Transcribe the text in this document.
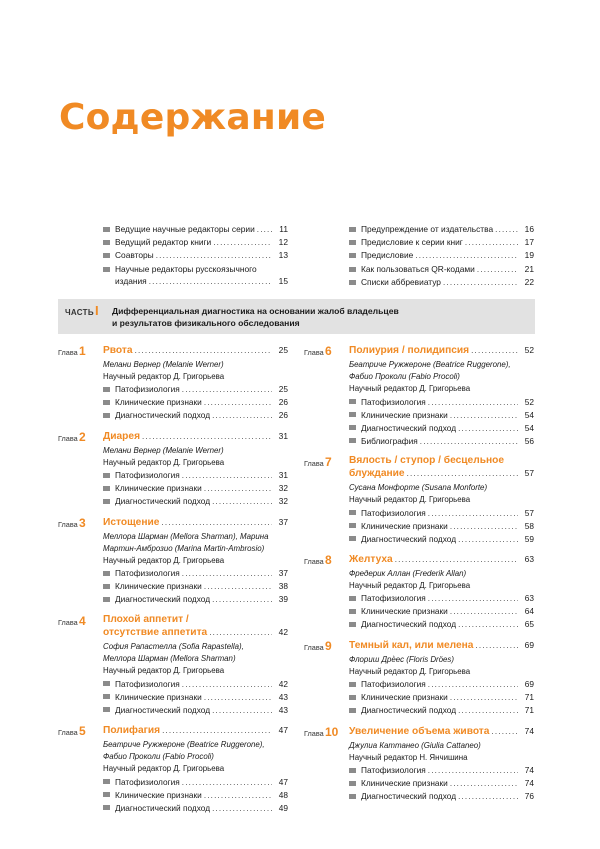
Содержание
Ведущие научные редакторы серии .....	11
Ведущий редактор книги .....	12
Соавторы .....	13
Научные редакторы русскоязычного
издания .....	15
Предупреждение от издательства .....	16
Предисловие к серии книг .....	17
Предисловие .....	19
Как пользоваться QR-кодами .....	21
Списки аббревиатур .....	22
ЧАСТЬ I Дифференциальная диагностика на основании жалоб владельцев
и результатов физикального обследования
Глава 1 Рвота .....	25
Мелани Вернер (Melanie Werner)
Научный редактор Д. Григорьева
Патофизиология .....	25
Клинические признаки .....	26
Диагностический подход .....	26
Глава 2 Диарея .....	31
Мелани Вернер (Melanie Werner)
Научный редактор Д. Григорьева
Патофизиология .....	31
Клинические признаки .....	32
Диагностический подход .....	32
Глава 3 Истощение .....	37
Меллора Шарман (Mellora Sharman), Марина
Мартин-Амброзио (Marina Martin-Ambrosio)
Научный редактор Д. Григорьева
Патофизиология .....	37
Клинические признаки .....	38
Диагностический подход .....	39
Глава 4 Плохой аппетит /
отсутствие аппетита .....	42
София Рапастелла (Sofia Rapastella),
Меллора Шарман (Mellora Sharman)
Научный редактор Д. Григорьева
Патофизиология .....	42
Клинические признаки .....	43
Диагностический подход .....	43
Глава 5 Полифагия .....	47
Беатриче Ружжероне (Beatrice Ruggerone),
Фабио Проколи (Fabio Procoli)
Научный редактор Д. Григорьева
Патофизиология .....	47
Клинические признаки .....	48
Диагностический подход .....	49
Глава 6 Полиурия / полидипсия .....	52
Беатриче Ружжероне (Beatrice Ruggerone),
Фабио Проколи (Fabio Procoli)
Научный редактор Д. Григорьева
Патофизиология .....	52
Клинические признаки .....	54
Диагностический подход .....	54
Библиография .....	56
Глава 7 Вялость / ступор / бесцельное
блуждание .....	57
Сусана Монфорте (Susana Monforte)
Научный редактор Д. Григорьева
Патофизиология .....	57
Клинические признаки .....	58
Диагностический подход .....	59
Глава 8 Желтуха .....	63
Фредерик Аллан (Frederik Allan)
Научный редактор Д. Григорьева
Патофизиология .....	63
Клинические признаки .....	64
Диагностический подход .....	65
Глава 9 Темный кал, или мелена .....	69
Флориш Дрѐес (Floris Dröes)
Научный редактор Д. Григорьева
Патофизиология .....	69
Клинические признаки .....	71
Диагностический подход .....	71
Глава 10 Увеличение объема живота .....	74
Джулиа Каттанео (Giulia Cattaneo)
Научный редактор Н. Янчишина
Патофизиология .....	74
Клинические признаки .....	74
Диагностический подход .....	76
